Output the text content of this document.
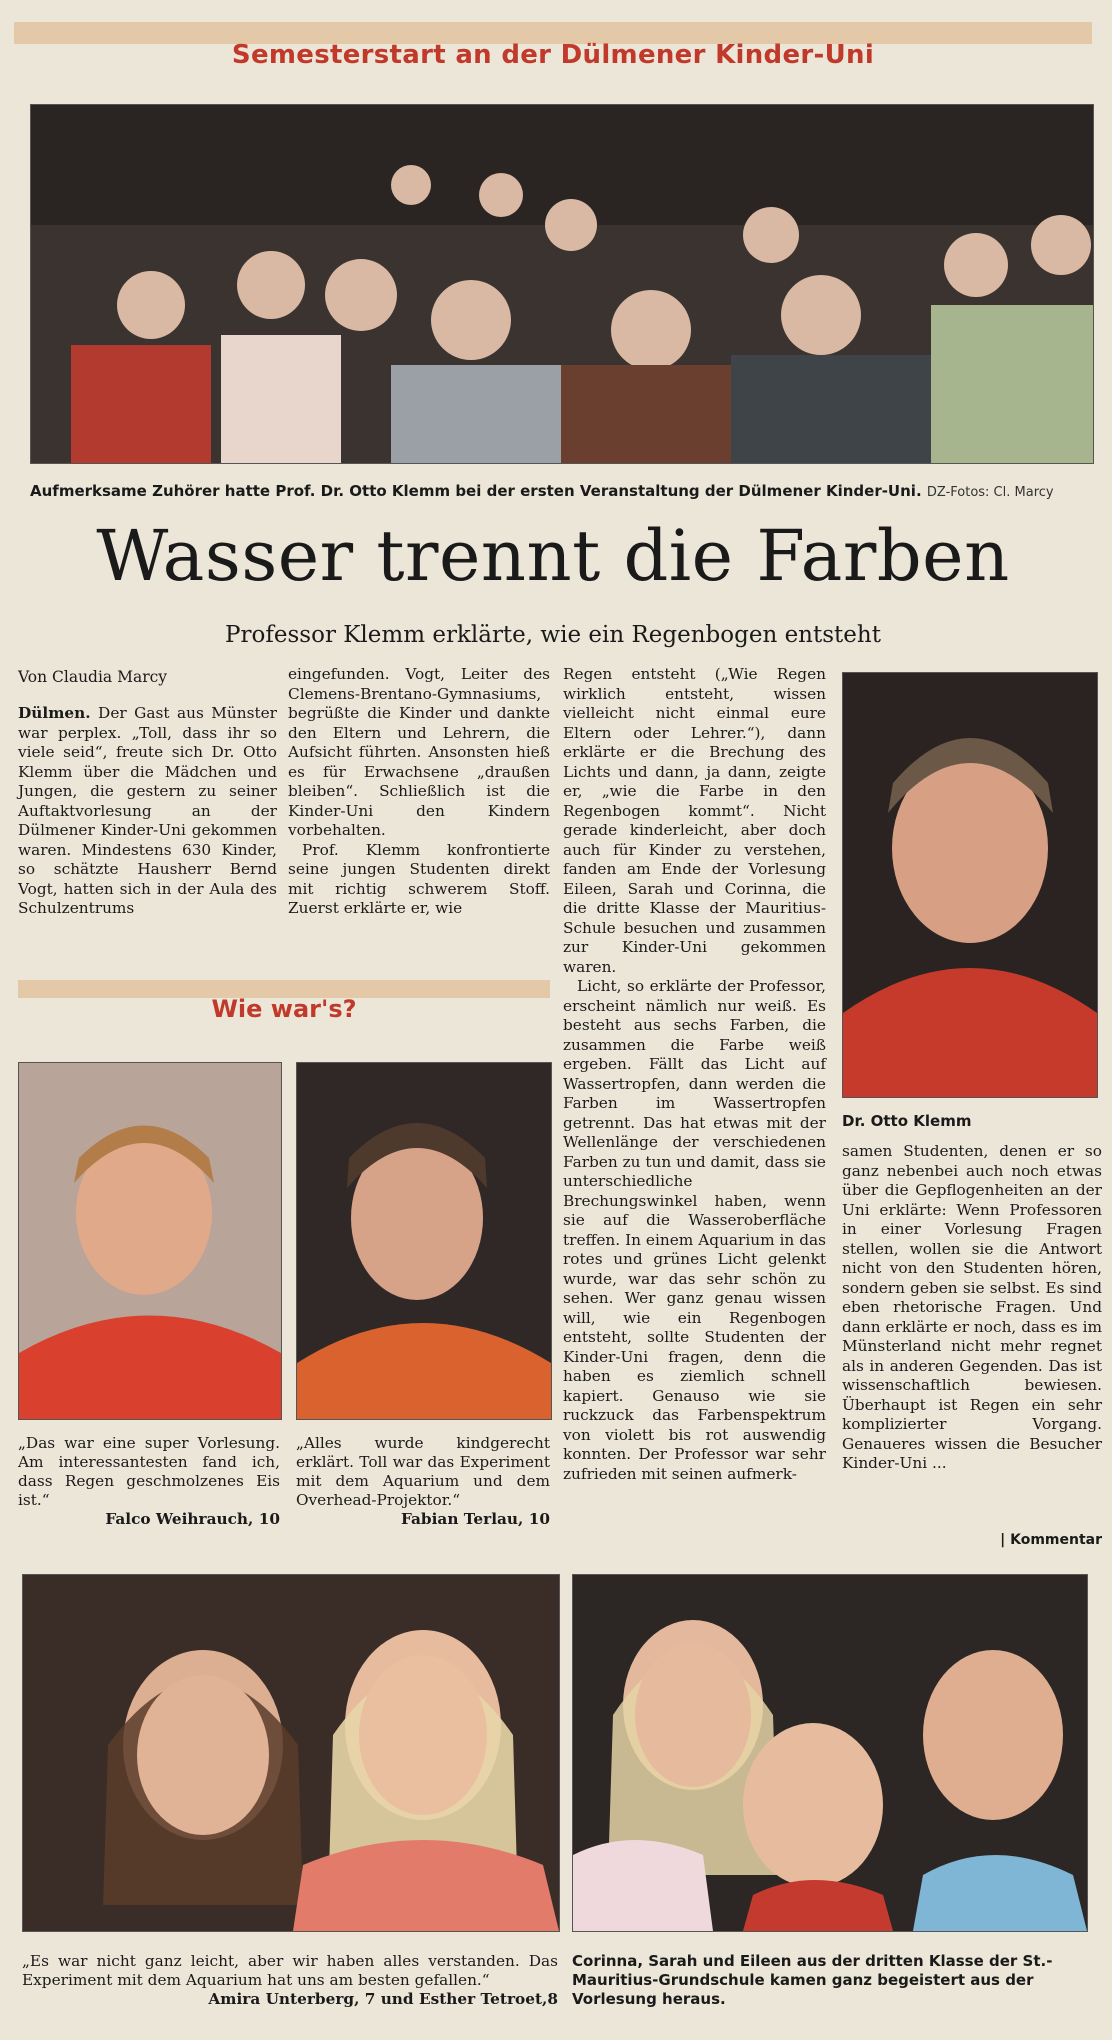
Semesterstart an der Dülmener Kinder-Uni
Aufmerksame Zuhörer hatte Prof. Dr. Otto Klemm bei der ersten Veranstaltung der Dülmener Kinder-Uni. DZ-Fotos: Cl. Marcy
Wasser trennt die Farben
Professor Klemm erklärte, wie ein Regenbogen entsteht
Von Claudia Marcy

Dülmen. Der Gast aus Münster war perplex. „Toll, dass ihr so viele seid“, freute sich Dr. Otto Klemm über die Mädchen und Jungen, die gestern zu seiner Auftaktvorlesung an der Dülmener Kinder-Uni gekommen waren. Mindestens 630 Kinder, so schätzte Hausherr Bernd Vogt, hatten sich in der Aula des Schulzentrums

eingefunden. Vogt, Leiter des Clemens-Brentano-Gymnasiums, begrüßte die Kinder und dankte den Eltern und Lehrern, die Aufsicht führten. Ansonsten hieß es für Erwachsene „draußen bleiben“. Schließlich ist die Kinder-Uni den Kindern vorbehalten.

Prof. Klemm konfrontierte seine jungen Studenten direkt mit richtig schwerem Stoff. Zuerst erklärte er, wie

Regen entsteht („Wie Regen wirklich entsteht, wissen vielleicht nicht einmal eure Eltern oder Lehrer.“), dann erklärte er die Brechung des Lichts und dann, ja dann, zeigte er, „wie die Farbe in den Regenbogen kommt“. Nicht gerade kinderleicht, aber doch auch für Kinder zu verstehen, fanden am Ende der Vorlesung Eileen, Sarah und Corinna, die die dritte Klasse der Mauritius-Schule besuchen und zusammen zur Kinder-Uni gekommen waren.

Licht, so erklärte der Professor, erscheint nämlich nur weiß. Es besteht aus sechs Farben, die zusammen die Farbe weiß ergeben. Fällt das Licht auf Wassertropfen, dann werden die Farben im Wassertropfen getrennt. Das hat etwas mit der Wellenlänge der verschiedenen Farben zu tun und damit, dass sie unterschiedliche Brechungswinkel haben, wenn sie auf die Wasseroberfläche treffen. In einem Aquarium in das rotes und grünes Licht gelenkt wurde, war das sehr schön zu sehen. Wer ganz genau wissen will, wie ein Regenbogen entsteht, sollte Studenten der Kinder-Uni fragen, denn die haben es ziemlich schnell kapiert. Genauso wie sie ruckzuck das Farbenspektrum von violett bis rot auswendig konnten. Der Professor war sehr zufrieden mit seinen aufmerk-

Dr. Otto Klemm

samen Studenten, denen er so ganz nebenbei auch noch etwas über die Gepflogenheiten an der Uni erklärte: Wenn Professoren in einer Vorlesung Fragen stellen, wollen sie die Antwort nicht von den Studenten hören, sondern geben sie selbst. Es sind eben rhetorische Fragen. Und dann erklärte er noch, dass es im Münsterland nicht mehr regnet als in anderen Gegenden. Das ist wissenschaftlich bewiesen. Überhaupt ist Regen ein sehr komplizierter Vorgang. Genaueres wissen die Besucher Kinder-Uni ...

| Kommentar
Wie war's?
„Das war eine super Vorlesung. Am interessantesten fand ich, dass Regen geschmolzenes Eis ist.“
Falco Weihrauch, 10
„Alles wurde kindgerecht erklärt. Toll war das Experiment mit dem Aquarium und dem Overhead-Projektor.“
Fabian Terlau, 10
„Es war nicht ganz leicht, aber wir haben alles verstanden. Das Experiment mit dem Aquarium hat uns am besten gefallen.“
Amira Unterberg, 7 und Esther Tetroet,8
Corinna, Sarah und Eileen aus der dritten Klasse der St.-Mauritius-Grundschule kamen ganz begeistert aus der Vorlesung heraus.
